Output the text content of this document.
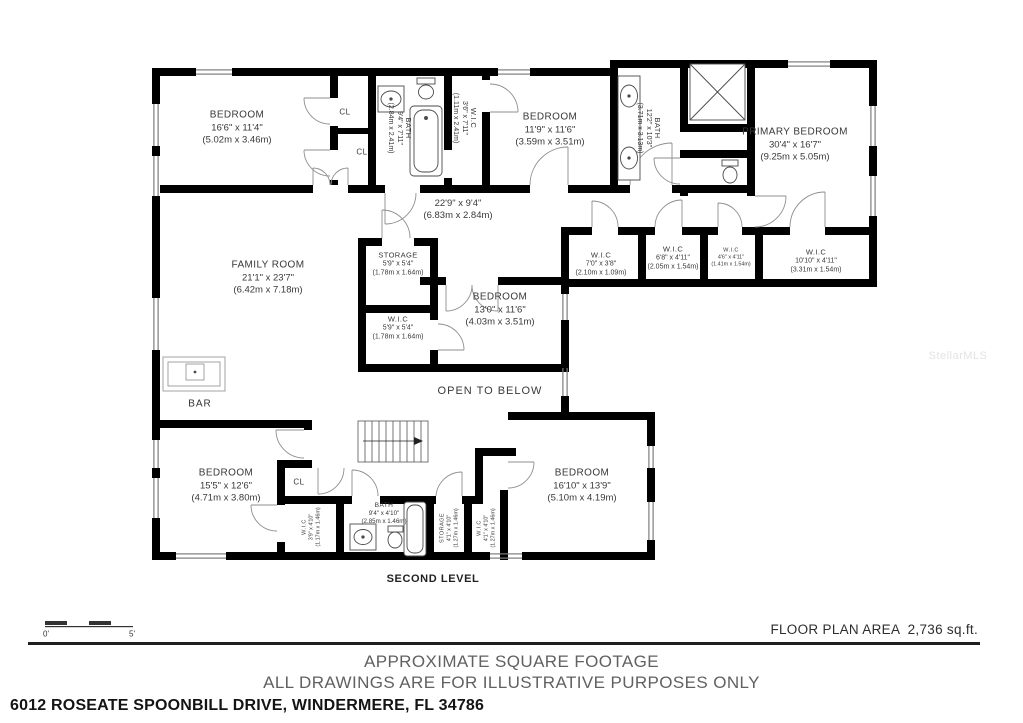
BEDROOM
16'6" x 11'4"
(5.02m x 3.46m)
BATH
9'4" x 7'11"
(2.84m x 2.41m)	W.I.C
3'6" x 7'11"
(1.11m x 2.41m)	BEDROOM
11'9" x 11'6"
(3.59m x 3.51m)
BATH
12'2" x 10'3"
(3.71m x 3.13m)	PRIMARY BEDROOM
30'4" x 16'7"
(9.25m x 5.05m)
22'9" x 9'4"
(6.83m x 2.84m)
W.I.C
7'0" x 3'8"
(2.10m x 1.09m)
W.I.C
6'8" x 4'11"
(2.05m x 1.54m)
W.I.C
4'6" x 4'11"
(1.41m x 1.54m)
W.I.C
10'10" x 4'11"
(3.31m x 1.54m)
FAMILY ROOM
21'1" x 23'7"
(6.42m x 7.18m)
STORAGE
5'9" x 5'4"
(1.78m x 1.64m)
W.I.C
5'9" x 5'4"
(1.78m x 1.64m)
BEDROOM
13'0" x 11'6"
(4.03m x 3.51m)
BEDROOM
15'5" x 12'6"
(4.71m x 3.80m)
W.I.C 3'9" x 4'10" (1.17m x 1.46m)
BATH
9'4" x 4'10"
(2.85m x 1.46m)	STORAGE 4'1" x 4'10" (1.27m x 1.46m)	W.I.C 4'1" x 4'10" (1.27m x 1.46m)
BEDROOM
16'10" x 13'9"
(5.10m x 4.19m)
CL
CL
CL
BAR
OPEN TO BELOW
SECOND LEVEL
StellarMLS
0'	5'	FLOOR PLAN AREA  2,736 sq.ft.
APPROXIMATE SQUARE FOOTAGE
ALL DRAWINGS ARE FOR ILLUSTRATIVE PURPOSES ONLY
6012 ROSEATE SPOONBILL DRIVE, WINDERMERE, FL 34786
